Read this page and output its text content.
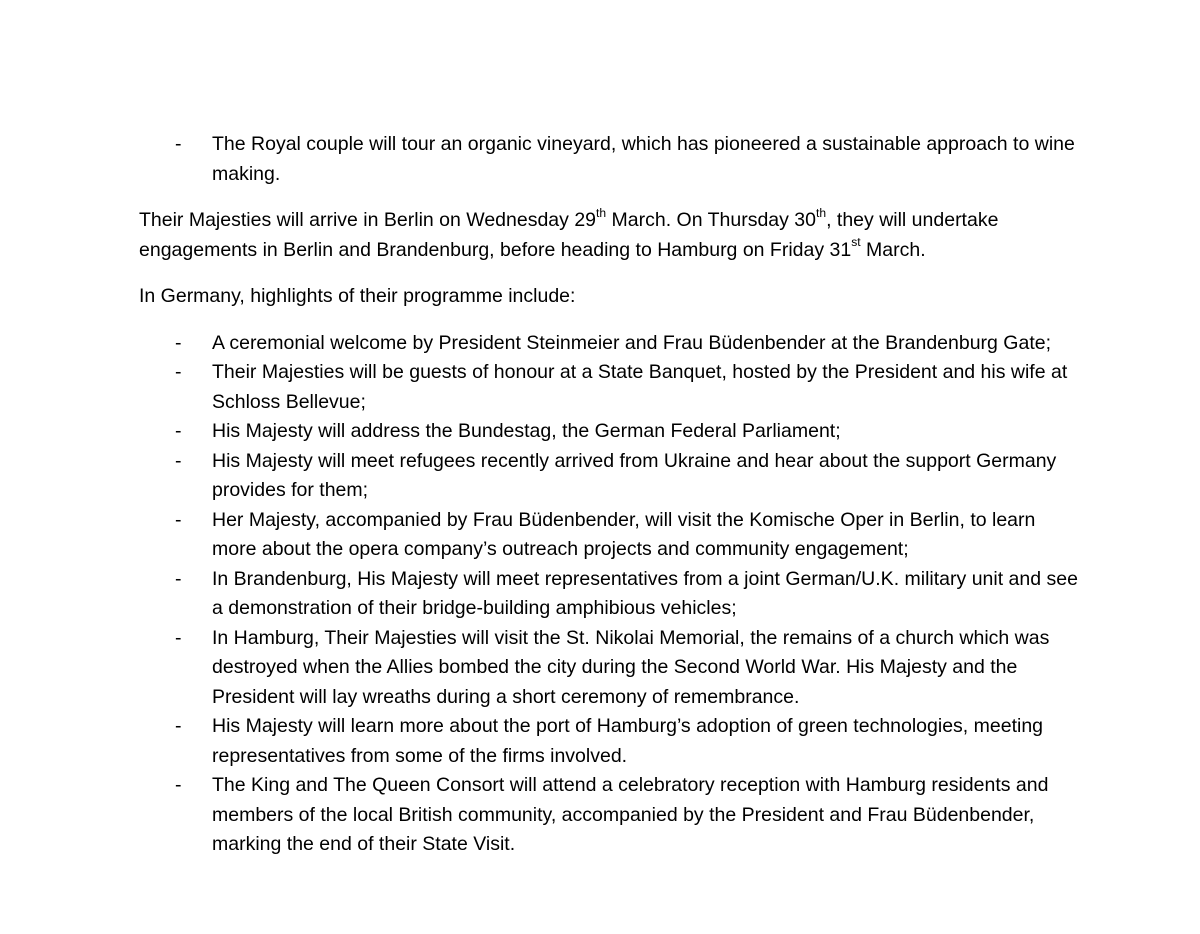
- The Royal couple will tour an organic vineyard, which has pioneered a sustainable approach to wine making.

Their Majesties will arrive in Berlin on Wednesday 29th March. On Thursday 30th, they will undertake engagements in Berlin and Brandenburg, before heading to Hamburg on Friday 31st March.

In Germany, highlights of their programme include:

- A ceremonial welcome by President Steinmeier and Frau Büdenbender at the Brandenburg Gate;
- Their Majesties will be guests of honour at a State Banquet, hosted by the President and his wife at Schloss Bellevue;
- His Majesty will address the Bundestag, the German Federal Parliament;
- His Majesty will meet refugees recently arrived from Ukraine and hear about the support Germany provides for them;
- Her Majesty, accompanied by Frau Büdenbender, will visit the Komische Oper in Berlin, to learn more about the opera company’s outreach projects and community engagement;
- In Brandenburg, His Majesty will meet representatives from a joint German/U.K. military unit and see a demonstration of their bridge-building amphibious vehicles;
- In Hamburg, Their Majesties will visit the St. Nikolai Memorial, the remains of a church which was destroyed when the Allies bombed the city during the Second World War. His Majesty and the President will lay wreaths during a short ceremony of remembrance.
- His Majesty will learn more about the port of Hamburg’s adoption of green technologies, meeting representatives from some of the firms involved.
- The King and The Queen Consort will attend a celebratory reception with Hamburg residents and members of the local British community, accompanied by the President and Frau Büdenbender, marking the end of their State Visit.
